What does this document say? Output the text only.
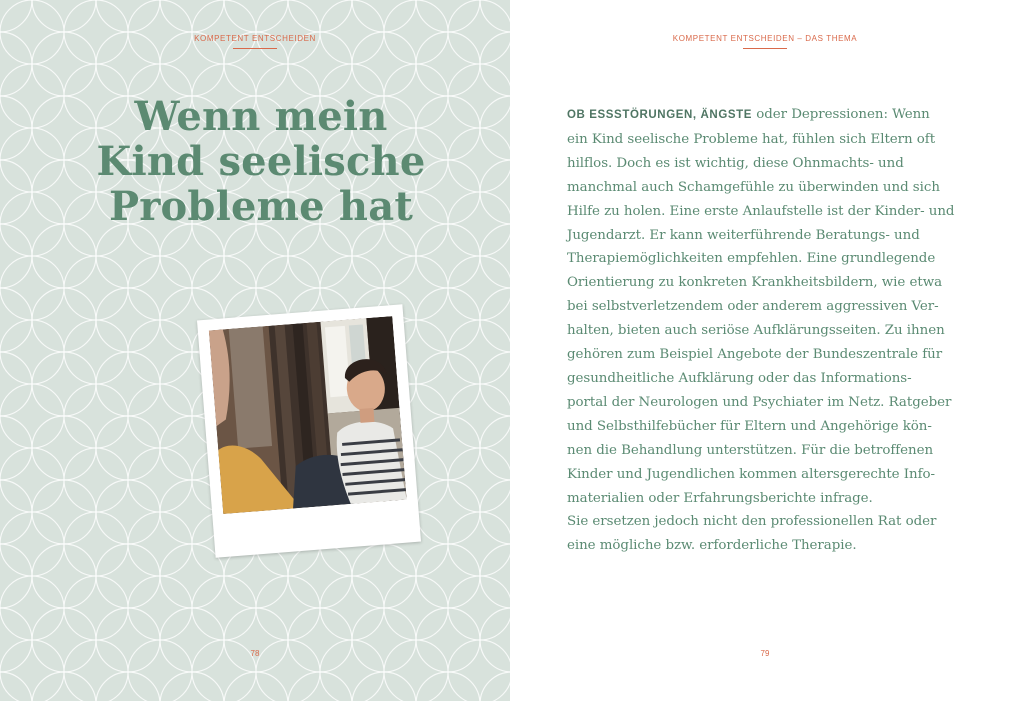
KOMPETENT ENTSCHEIDEN
Wenn mein
Kind seelische
Probleme hat
78
KOMPETENT ENTSCHEIDEN – DAS THEMA

OB ESSSTÖRUNGEN, ÄNGSTE oder Depressionen: Wenn
ein Kind seelische Probleme hat, fühlen sich Eltern oft
hilflos. Doch es ist wichtig, diese Ohnmachts- und
manchmal auch Schamgefühle zu überwinden und sich
Hilfe zu holen. Eine erste Anlaufstelle ist der Kinder- und
Jugendarzt. Er kann weiterführende Beratungs- und
Therapiemöglichkeiten empfehlen. Eine grundlegende
Orientierung zu konkreten Krankheitsbildern, wie etwa
bei selbstverletzendem oder anderem aggressiven Ver-
halten, bieten auch seriöse Aufklärungsseiten. Zu ihnen
gehören zum Beispiel Angebote der Bundeszentrale für
gesundheitliche Aufklärung oder das Informations-
portal der Neurologen und Psychiater im Netz. Ratgeber
und Selbsthilfebücher für Eltern und Angehörige kön-
nen die Behandlung unterstützen. Für die betroffenen
Kinder und Jugendlichen kommen altersgerechte Info-
materialien oder Erfahrungsberichte infrage.
Sie ersetzen jedoch nicht den professionellen Rat oder
eine mögliche bzw. erforderliche Therapie.

79
